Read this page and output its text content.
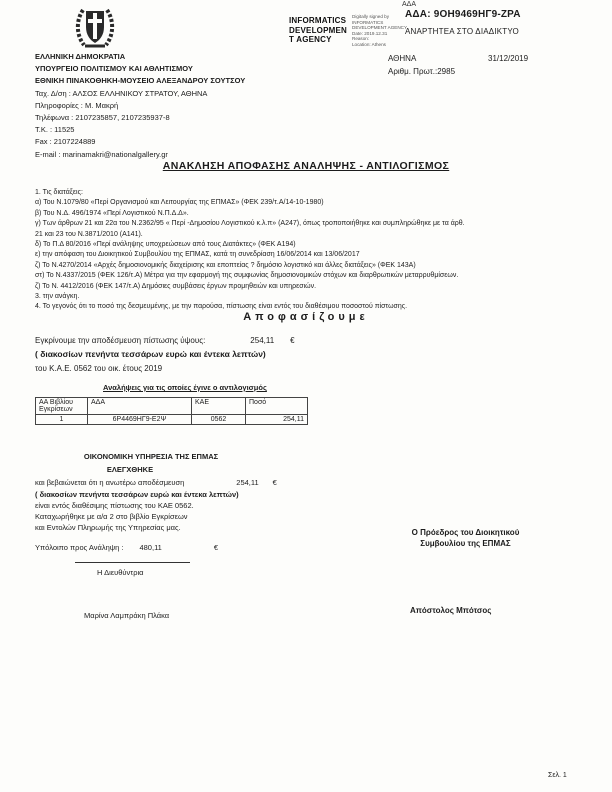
INFORMATICS
DEVELOPMEN
T AGENCY
Digitally signed by
INFORMATICS
DEVELOPMENT AGENCY
Date: 2019.12.31
Reason:
Location: Athens
ΑΔΑ
ΑΔΑ: 9ΟΗ9469ΗΓ9-ΖΡΑ
ΑΝΑΡΤΗΤΕΑ ΣΤΟ ΔΙΑΔΙΚΤΥΟ
ΑΘΗΝΑ	31/12/2019
Αριθμ. Πρωτ.:2985
ΕΛΛΗΝΙΚΗ ΔΗΜΟΚΡΑΤΙΑ
ΥΠΟΥΡΓΕΙΟ ΠΟΛΙΤΙΣΜΟΥ ΚΑΙ ΑΘΛΗΤΙΣΜΟΥ
ΕΘΝΙΚΗ ΠΙΝΑΚΟΘΗΚΗ-ΜΟΥΣΕΙΟ ΑΛΕΞΑΝΔΡΟΥ ΣΟΥΤΣΟΥ
Ταχ. Δ/ση : ΑΛΣΟΣ ΕΛΛΗΝΙΚΟΥ ΣΤΡΑΤΟΥ, ΑΘΗΝΑ
Πληροφορίες : Μ. Μακρή
Τηλέφωνα : 2107235857, 2107235937-8
Τ.Κ. : 11525
Fax : 2107224889
E-mail : marinamakri@nationalgallery.gr
ΑΝΑΚΛΗΣΗ ΑΠΟΦΑΣΗΣ ΑΝΑΛΗΨΗΣ - ΑΝΤΙΛΟΓΙΣΜΟΣ
1. Τις διατάξεις:
α) Του Ν.1079/80 «Περί Οργανισμού και Λειτουργίας της ΕΠΜΑΣ» (ΦΕΚ 239/τ.Α/14-10-1980)
β) Του Ν.Δ. 496/1974 «Περί Λογιστικού Ν.Π.Δ.Δ».
γ) Των άρθρων 21 και 22α του Ν.2362/95 « Περί -Δημοσίου Λογιστικού κ.λ.π» (Α247), όπως τροποποιήθηκε και συμπληρώθηκε με τα άρθ.
21 και 23 του Ν.3871/2010 (Α141).
δ) Το Π.Δ 80/2016 «Περί ανάληψης υποχρεώσεων από τους Διατάκτες» (ΦΕΚ Α194)
ε) την απόφαση του Διοικητικού Συμβουλίου της ΕΠΜΑΣ, κατά τη συνεδρίαση 16/06/2014 και 13/06/2017
ζ) Το Ν.4270/2014 «Αρχές δημοσιονομικής διαχείρισης και εποπτείας ? δημόσιο λογιστικό και άλλες διατάξεις» (ΦΕΚ 143Α)
στ) Το Ν.4337/2015 (ΦΕΚ 126/τ.Α) Μέτρα για την εφαρμογή της συμφωνίας δημοσιονομικών στόχων και διαρθρωτικών μεταρρυθμίσεων.
ζ) Το Ν. 4412/2016 (ΦΕΚ 147/τ.Α) Δημόσιες συμβάσεις έργων προμηθειών και υπηρεσιών.
3. την ανάγκη.
4. Το γεγονός ότι το ποσό της δεσμευμένης, με την παρούσα, πίστωσης είναι εντός του διαθέσιμου ποσοστού πίστωσης.
Αποφασίζουμε
Εγκρίνουμε την αποδέσμευση πίστωσης ύψους:	254,11 €
( διακοσίων πενήντα τεσσάρων ευρώ και έντεκα λεπτών)
του Κ.Α.Ε. 0562 του οικ. έτους 2019
Αναλήψεις για τις οποίες έγινε ο αντιλογισμός
ΑΑ Βιβλίου Εγκρίσεων	ΑΔΑ	ΚΑΕ	Ποσό
1	6Ρ4469ΗΓ9-Ε2Ψ	0562	254,11
ΟΙΚΟΝΟΜΙΚΗ ΥΠΗΡΕΣΙΑ ΤΗΣ ΕΠΜΑΣ
ΕΛΕΓΧΘΗΚΕ
και βεβαιώνεται ότι η ανωτέρω αποδέσμευση	254,11 €
( διακοσίων πενήντα τεσσάρων ευρώ και έντεκα λεπτών)
είναι εντός διαθέσιμης πίστωσης του ΚΑΕ 0562.
Καταχωρήθηκε με α/α 2 στο βιβλίο Εγκρίσεων
και Εντολών Πληρωμής της Υπηρεσίας μας.
Υπόλοιπο προς Ανάληψη : 480,11	€
Η Διευθύντρια
Ο Πρόεδρος του Διοικητικού
Συμβουλίου της ΕΠΜΑΣ
Μαρίνα Λαμπράκη Πλάκα
Απόστολος Μπότσος
Σελ. 1
